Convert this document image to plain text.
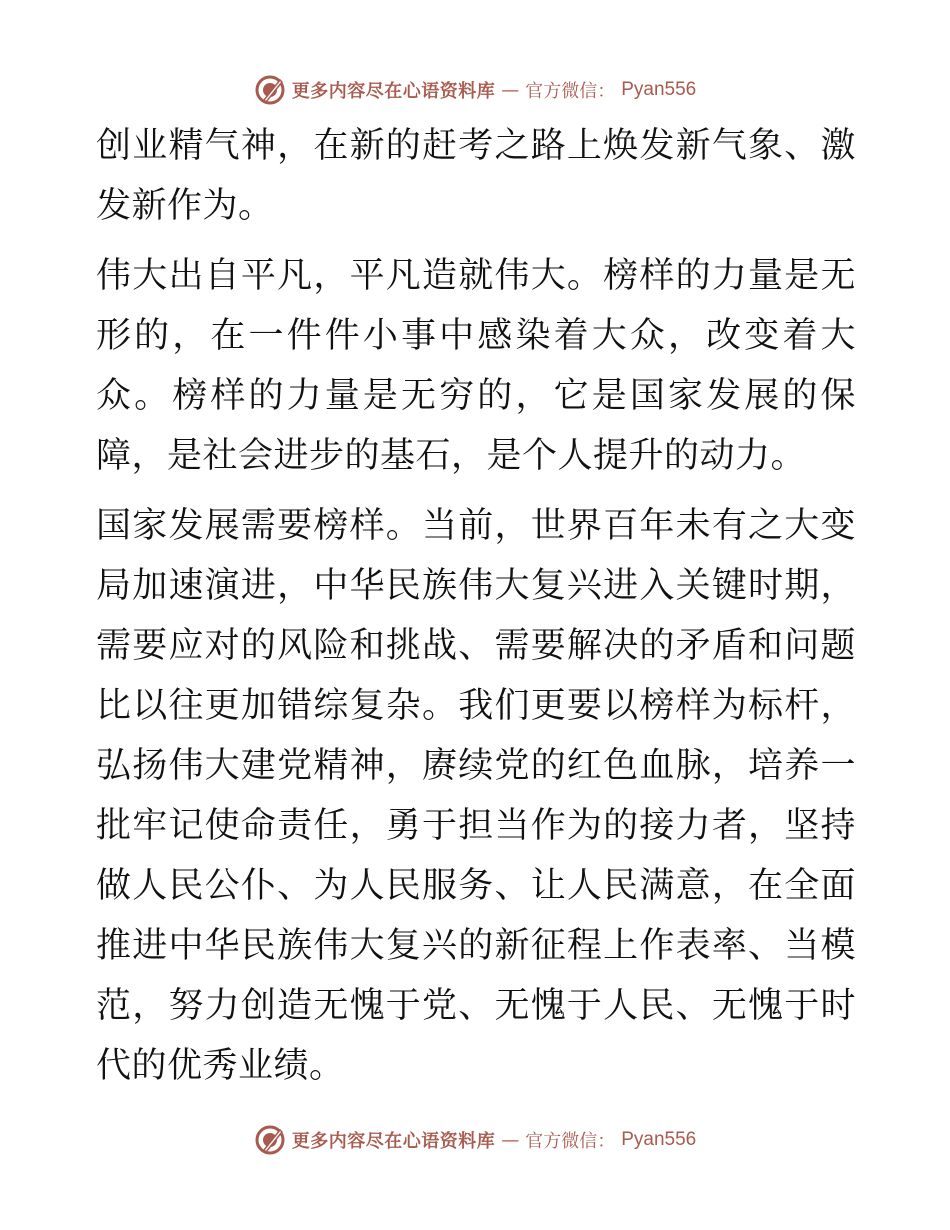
更多内容尽在心语资料库 — 官方微信： Pyan556

创业精气神，在新的赶考之路上焕发新气象、激发新作为。

伟大出自平凡，平凡造就伟大。榜样的力量是无形的，在一件件小事中感染着大众，改变着大众。榜样的力量是无穷的，它是国家发展的保障，是社会进步的基石，是个人提升的动力。

国家发展需要榜样。当前，世界百年未有之大变局加速演进，中华民族伟大复兴进入关键时期，需要应对的风险和挑战、需要解决的矛盾和问题比以往更加错综复杂。我们更要以榜样为标杆，弘扬伟大建党精神，赓续党的红色血脉，培养一批牢记使命责任，勇于担当作为的接力者，坚持做人民公仆、为人民服务、让人民满意，在全面推进中华民族伟大复兴的新征程上作表率、当模范，努力创造无愧于党、无愧于人民、无愧于时代的优秀业绩。

更多内容尽在心语资料库 — 官方微信： Pyan556
